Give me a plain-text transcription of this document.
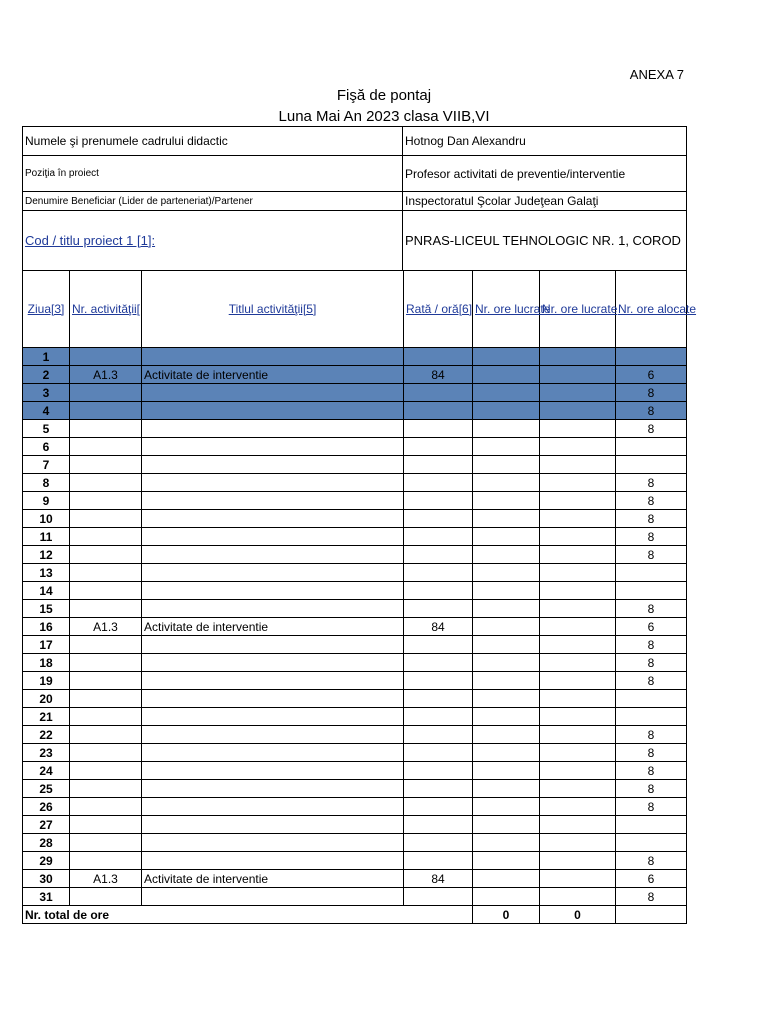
ANEXA 7
Fişă de pontaj
Luna Mai An 2023 clasa VIIB,VI
Numele şi prenumele cadrului didactic	Hotnog Dan Alexandru
Poziţia în proiect	Profesor activitati de preventie/interventie
Denumire Beneficiar (Lider de parteneriat)/Partener	Inspectoratul Şcolar Judeţean Galaţi
Cod / titlu proiect 1 [1]:	PNRAS-LICEUL TEHNOLOGIC NR. 1, COROD
Ziua[3]	Nr. activităţii[	Titlul activităţii[5]	Rată / oră[6]	Nr. ore lucrate	Nr. ore lucrate	Nr. ore alocate
1						
2	A1.3	Activitate de interventie	84			6
3						8
4						8
5						8
6						
7						
8						8
9						8
10						8
11						8
12						8
13						
14						
15						8
16	A1.3	Activitate de interventie	84			6
17						8
18						8
19						8
20						
21						
22						8
23						8
24						8
25						8
26						8
27						
28						
29						8
30	A1.3	Activitate de interventie	84			6
31						8
Nr. total de ore				0	0	
